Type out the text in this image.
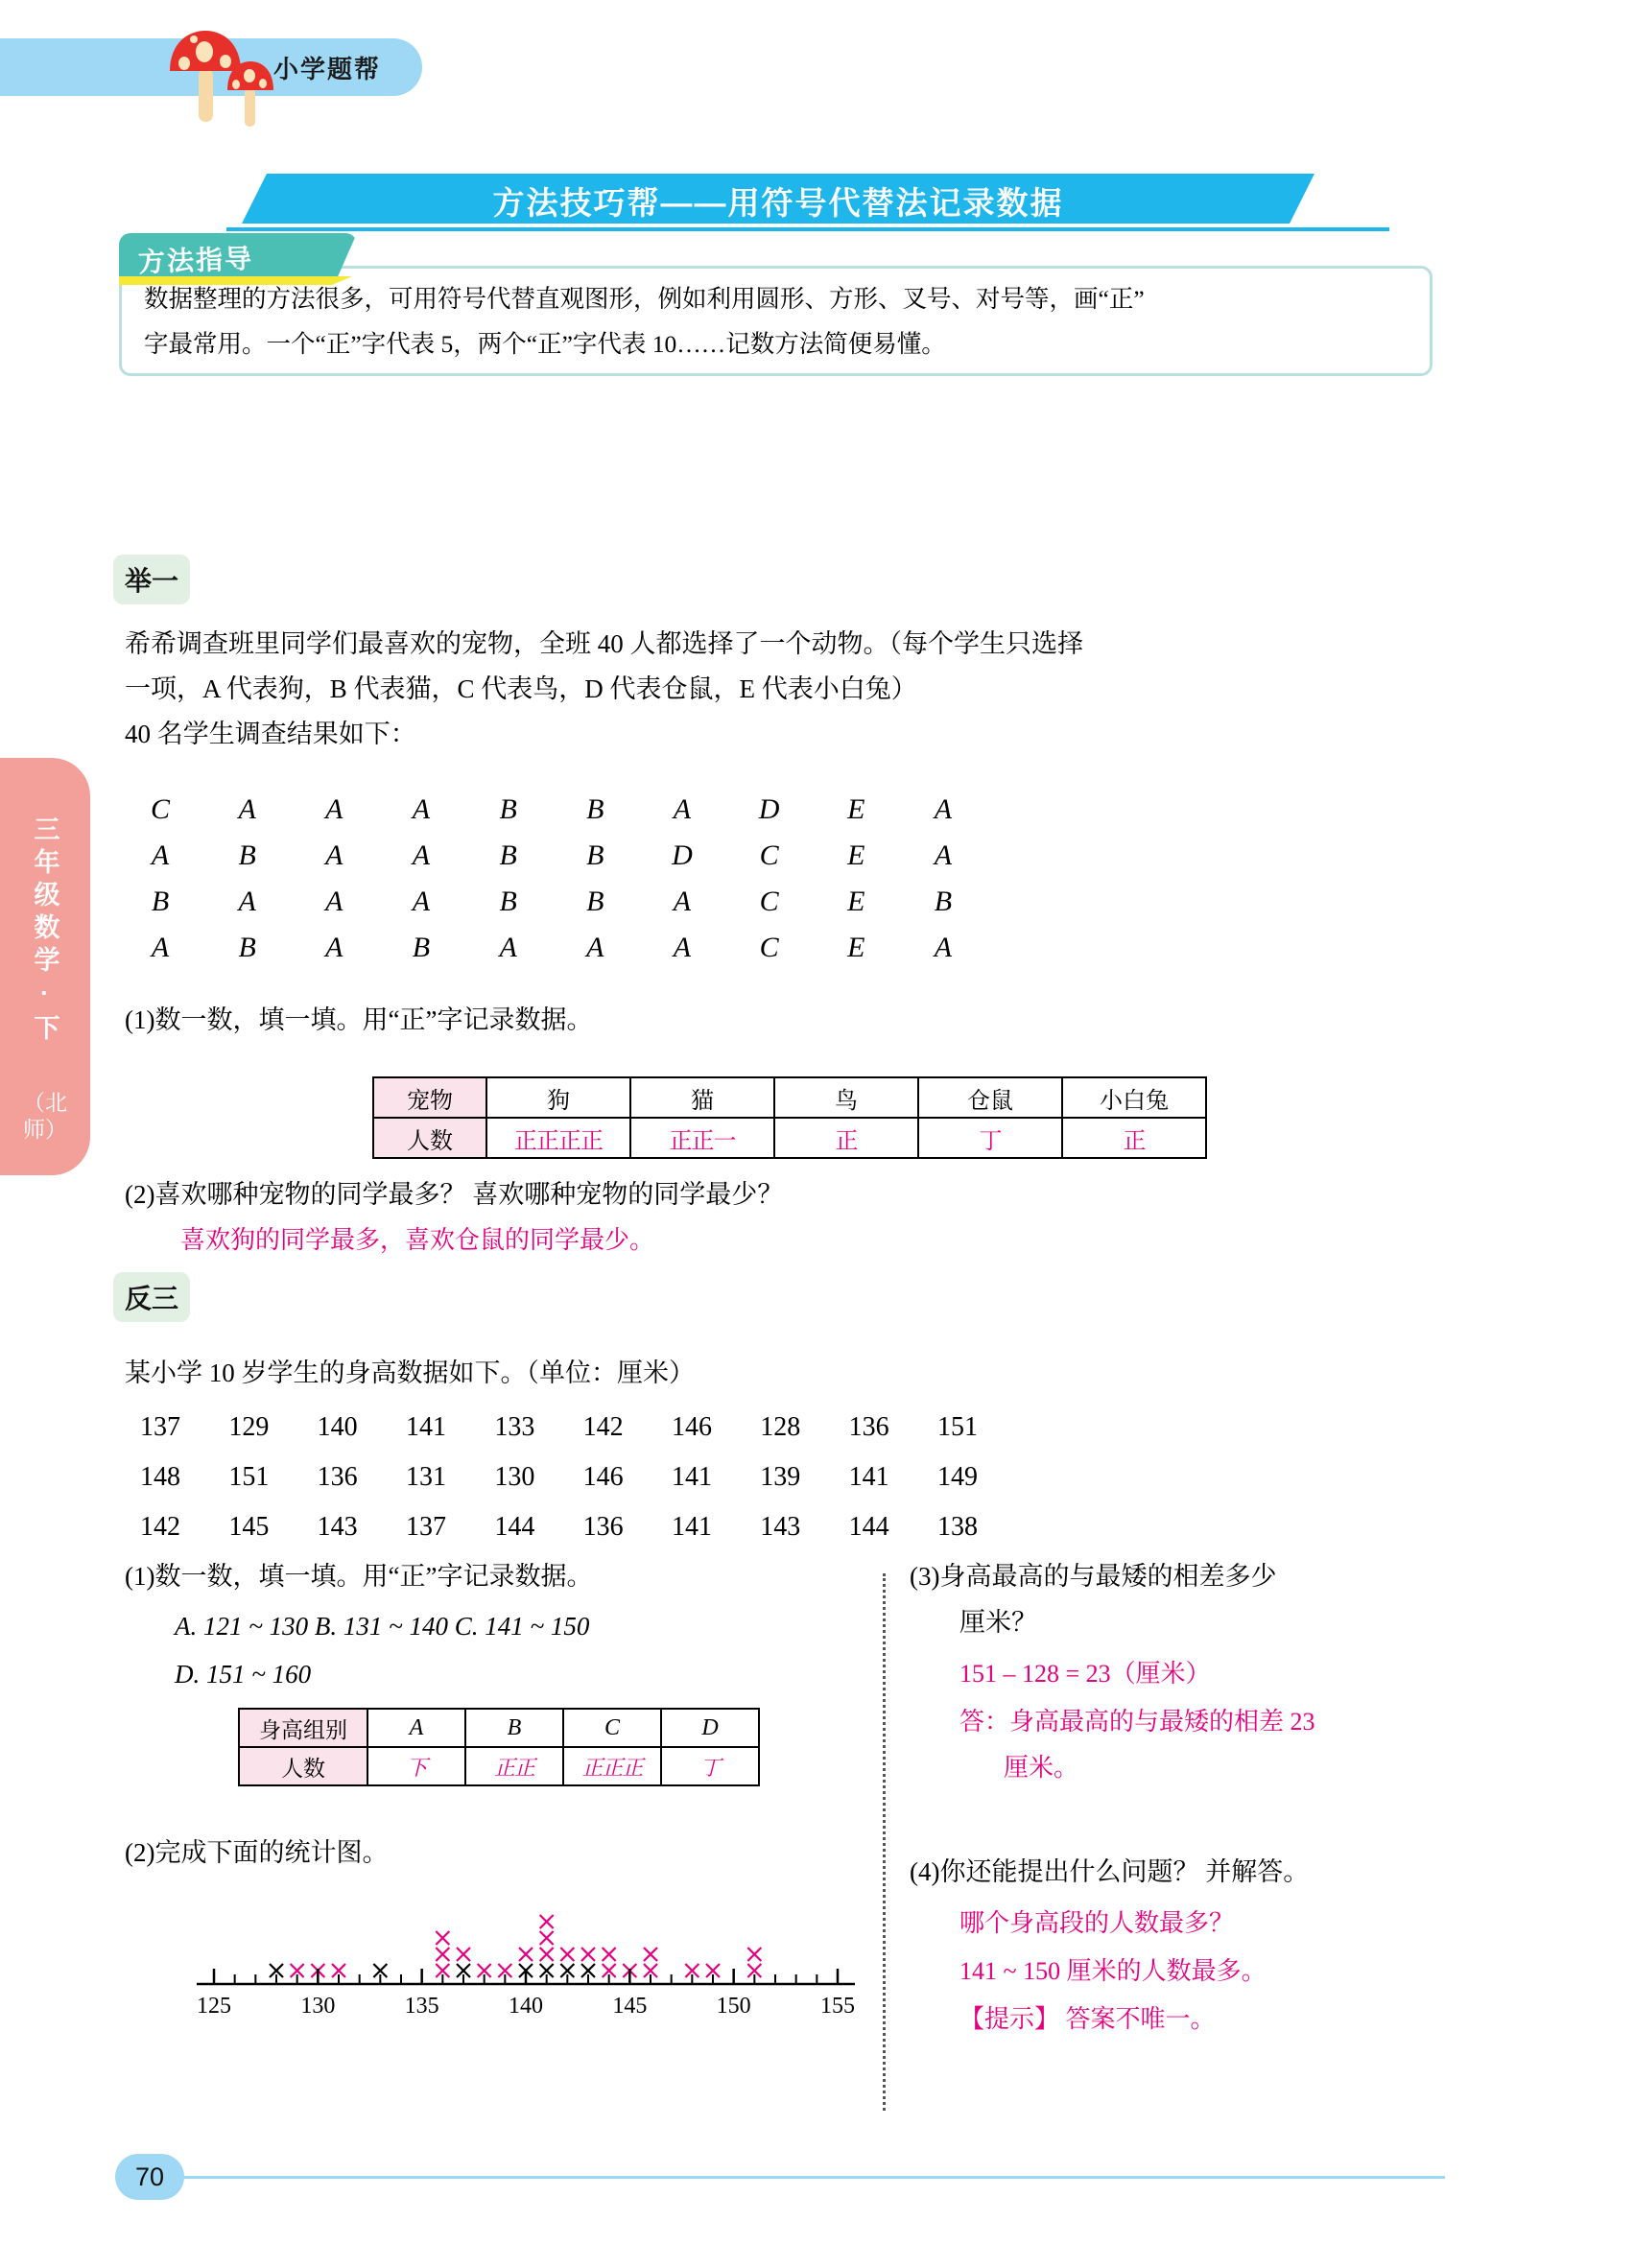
小学题帮
方法技巧帮——用符号代替法记录数据
方法指导
数据整理的方法很多，可用符号代替直观图形，例如利用圆形、方形、叉号、对号等，画“正”
字最常用。一个“正”字代表 5，两个“正”字代表 10……记数方法简便易懂。
三年级数学·下
（北
师）
举一
希希调查班里同学们最喜欢的宠物，全班 40 人都选择了一个动物。（每个学生只选择
一项，A 代表狗，B 代表猫，C 代表鸟，D 代表仓鼠，E 代表小白兔）
40 名学生调查结果如下：
C	A	A	A	B	B	A	D	E	A
A	B	A	A	B	B	D	C	E	A
B	A	A	A	B	B	A	C	E	B
A	B	A	B	A	A	A	C	E	A
(1)数一数，填一填。用“正”字记录数据。
宠物	狗	猫	鸟	仓鼠	小白兔
人数	正正正正	正正一	正	丁	正
(2)喜欢哪种宠物的同学最多？ 喜欢哪种宠物的同学最少？
喜欢狗的同学最多，喜欢仓鼠的同学最少。
反三
某小学 10 岁学生的身高数据如下。（单位：厘米）
137	129	140	141	133	142	146	128	136	151
148	151	136	131	130	146	141	139	141	149
142	145	143	137	144	136	141	143	144	138
(1)数一数，填一填。用“正”字记录数据。
A. 121 ~ 130 B. 131 ~ 140 C. 141 ~ 150
D. 151 ~ 160
身高组别	A	B	C	D
人数	下	正正	正正正	丁
(2)完成下面的统计图。
125	130	135	140	145	150	155
(3)身高最高的与最矮的相差多少
厘米？
151 – 128 = 23（厘米）
答：身高最高的与最矮的相差 23
厘米。
(4)你还能提出什么问题？ 并解答。
哪个身高段的人数最多？
141 ~ 150 厘米的人数最多。
【提示】 答案不唯一。
70
